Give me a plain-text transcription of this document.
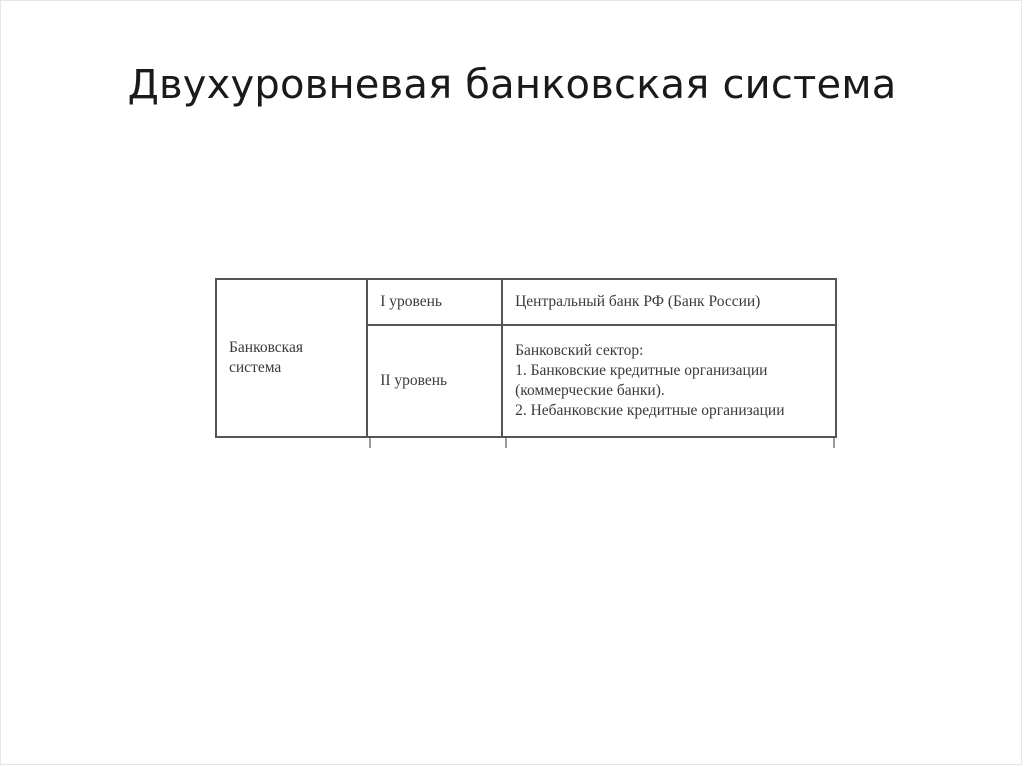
Двухуровневая банковская система
Банковская система	I уровень	Центральный банк РФ (Банк России)

	II уровень	Банковский сектор:
1. Банковские кредитные организации
(коммерческие банки).
2. Небанковские кредитные организации
